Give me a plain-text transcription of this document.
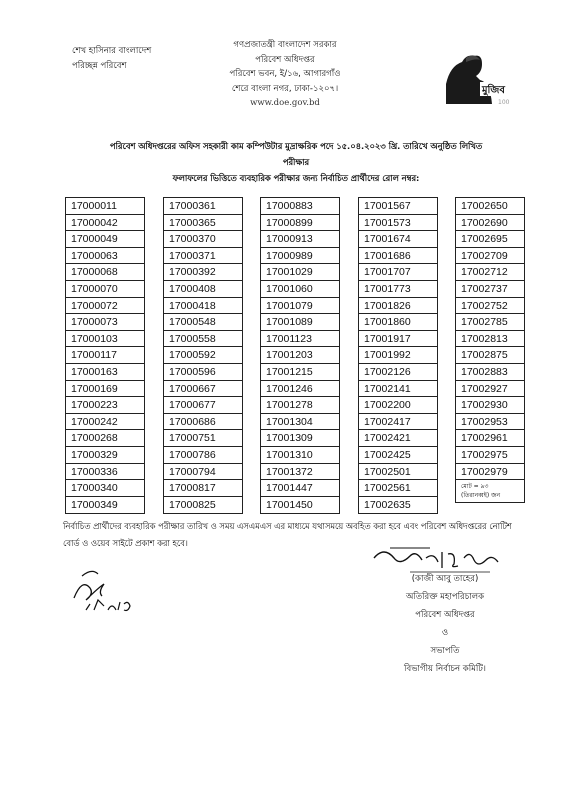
শেখ হাসিনার বাংলাদেশ
পরিচ্ছন্ন পরিবেশ
গণপ্রজাতন্ত্রী বাংলাদেশ সরকার
পরিবেশ অধিদপ্তর
পরিবেশ ভবন, ই/১৬, আগারগাঁও
শেরে বাংলা নগর, ঢাকা-১২০৭।
www.doe.gov.bd
মুজিব
100
পরিবেশ অধিদপ্তরের অফিস সহকারী কাম কম্পিউটার মুদ্রাক্ষরিক পদে ১৫.০৪.২০২৩ খ্রি. তারিখে অনুষ্ঠিত লিখিত পরীক্ষার
ফলাফলের ভিত্তিতে ব্যবহারিক পরীক্ষার জন্য নির্বাচিত প্রার্থীদের রোল নম্বর:
17000011
17000042
17000049
17000063
17000068
17000070
17000072
17000073
17000103
17000117
17000163
17000169
17000223
17000242
17000268
17000329
17000336
17000340
17000349
17000361
17000365
17000370
17000371
17000392
17000408
17000418
17000548
17000558
17000592
17000596
17000667
17000677
17000686
17000751
17000786
17000794
17000817
17000825
17000883
17000899
17000913
17000989
17001029
17001060
17001079
17001089
17001123
17001203
17001215
17001246
17001278
17001304
17001309
17001310
17001372
17001447
17001450
17001567
17001573
17001674
17001686
17001707
17001773
17001826
17001860
17001917
17001992
17002126
17002141
17002200
17002417
17002421
17002425
17002501
17002561
17002635
17002650
17002690
17002695
17002709
17002712
17002737
17002752
17002785
17002813
17002875
17002883
17002927
17002930
17002953
17002961
17002975
17002979
মোট = ৯৩
(তিরানব্বই) জন
নির্বাচিত প্রার্থীদের ব্যবহারিক পরীক্ষার তারিখ ও সময় এসএমএস এর মাধ্যমে যথাসময়ে অবহিত করা হবে এবং পরিবেশ অধিদপ্তরের নোটিশ
বোর্ড ও ওয়েব সাইটে প্রকাশ করা হবে।
(কাজী আবু তাহের)
অতিরিক্ত মহাপরিচালক
পরিবেশ অধিদপ্তর
ও
সভাপতি
বিভাগীয় নির্বাচন কমিটি।
